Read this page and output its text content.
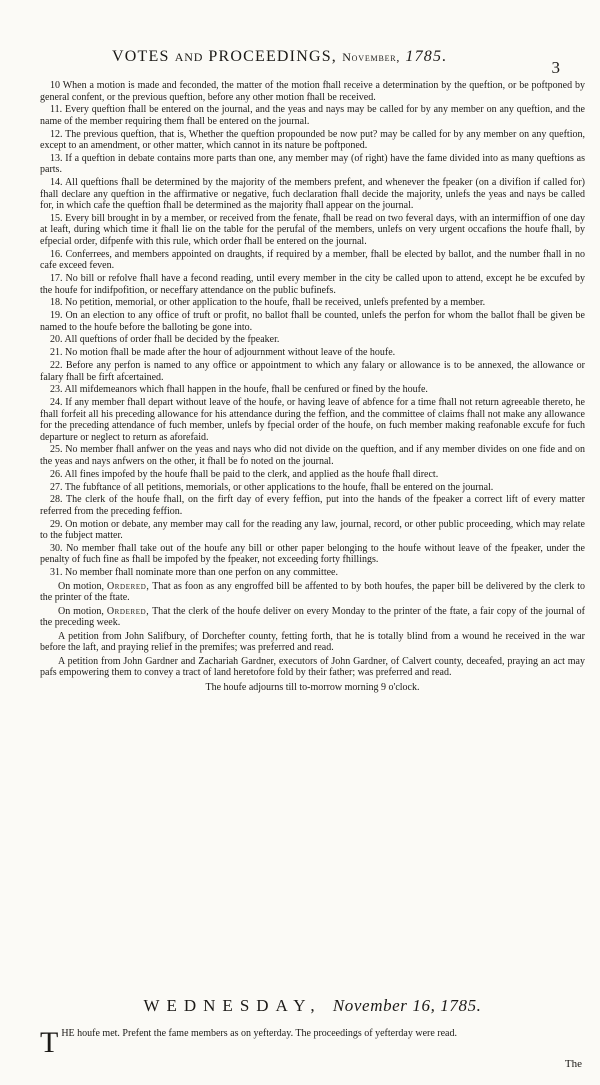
VOTES AND PROCEEDINGS, November, 1785.
3

10 When a motion is made and feconded, the matter of the motion fhall receive a determination by the queftion, or be poftponed by general confent, or the previous queftion, before any other motion fhall be received.

11. Every queftion fhall be entered on the journal, and the yeas and nays may be called for by any member on any queftion, and the name of the member requiring them fhall be entered on the journal.

12. The previous queftion, that is, Whether the queftion propounded be now put? may be called for by any member on any queftion, except to an amendment, or other matter, which cannot in its nature be poftponed.

13. If a queftion in debate contains more parts than one, any member may (of right) have the fame divided into as many queftions as parts.

14. All queftions fhall be determined by the majority of the members prefent, and whenever the fpeaker (on a divifion if called for) fhall declare any queftion in the affirmative or negative, fuch declaration fhall decide the majority, unlefs the yeas and nays be called for, in which cafe the queftion fhall be determined as the majority fhall appear on the journal.

15. Every bill brought in by a member, or received from the fenate, fhall be read on two feveral days, with an intermiffion of one day at leaft, during which time it fhall lie on the table for the perufal of the members, unlefs on very urgent occafions the houfe fhall, by efpecial order, difpenfe with this rule, which order fhall be entered on the journal.

16. Conferrees, and members appointed on draughts, if required by a member, fhall be elected by ballot, and the number fhall in no cafe exceed feven.

17. No bill or refolve fhall have a fecond reading, until every member in the city be called upon to attend, except he be excufed by the houfe for indifpofition, or neceffary attendance on the public bufinefs.

18. No petition, memorial, or other application to the houfe, fhall be received, unlefs prefented by a member.

19. On an election to any office of truft or profit, no ballot fhall be counted, unlefs the perfon for whom the ballot fhall be given be named to the houfe before the balloting be gone into.

20. All queftions of order fhall be decided by the fpeaker.

21. No motion fhall be made after the hour of adjournment without leave of the houfe.

22. Before any perfon is named to any office or appointment to which any falary or allowance is to be annexed, the allowance or falary fhall be firft afcertained.

23. All mifdemeanors which fhall happen in the houfe, fhall be cenfured or fined by the houfe.

24. If any member fhall depart without leave of the houfe, or having leave of abfence for a time fhall not return agreeable thereto, he fhall forfeit all his preceding allowance for his attendance during the feffion, and the committee of claims fhall not make any allowance for the preceding attendance of fuch member, unlefs by fpecial order of the houfe, on fuch member making reafonable excufe for fuch departure or neglect to return as aforefaid.

25. No member fhall anfwer on the yeas and nays who did not divide on the queftion, and if any member divides on one fide and on the yeas and nays anfwers on the other, it fhall be fo noted on the journal.

26. All fines impofed by the houfe fhall be paid to the clerk, and applied as the houfe fhall direct.

27. The fubftance of all petitions, memorials, or other applications to the houfe, fhall be entered on the journal.

28. The clerk of the houfe fhall, on the firft day of every feffion, put into the hands of the fpeaker a correct lift of every matter referred from the preceding feffion.

29. On motion or debate, any member may call for the reading any law, journal, record, or other public proceeding, which may relate to the fubject matter.

30. No member fhall take out of the houfe any bill or other paper belonging to the houfe without leave of the fpeaker, under the penalty of fuch fine as fhall be impofed by the fpeaker, not exceeding forty fhillings.

31. No member fhall nominate more than one perfon on any committee.

On motion, Ordered, That as foon as any engroffed bill be affented to by both houfes, the paper bill be delivered by the clerk to the printer of the ftate.

On motion, Ordered, That the clerk of the houfe deliver on every Monday to the printer of the ftate, a fair copy of the journal of the preceding week.

A petition from John Salifbury, of Dorchefter county, fetting forth, that he is totally blind from a wound he received in the war before the laft, and praying relief in the premifes; was preferred and read.

A petition from John Gardner and Zachariah Gardner, executors of John Gardner, of Calvert county, deceafed, praying an act may pafs empowering them to convey a tract of land heretofore fold by their father; was preferred and read.

The houfe adjourns till to-morrow morning 9 o'clock.

WEDNESDAY, November 16, 1785.
T HE houfe met. Prefent the fame members as on yefterday. The proceedings of yefterday were read.
The
